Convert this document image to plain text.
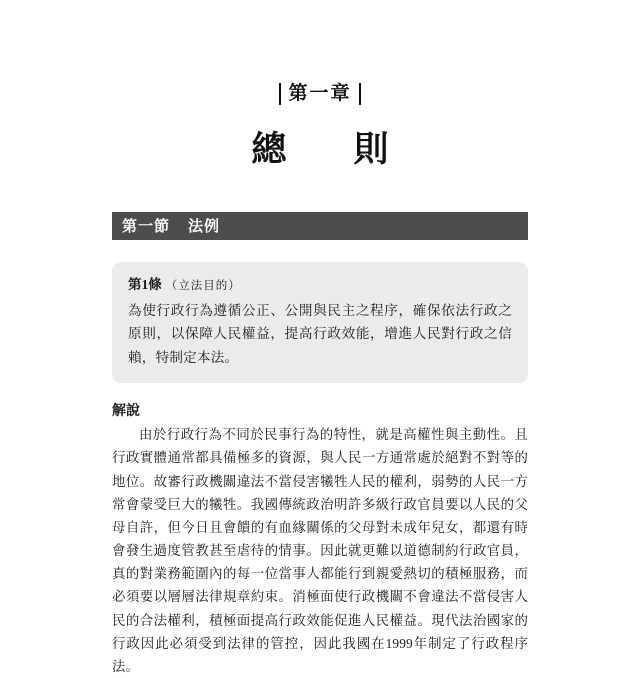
第一章
總　則
第一節 法例
第1條 （立法目的）
為使行政行為遵循公正、公開與民主之程序，確保依法行政之原則，以保障人民權益，提高行政效能，增進人民對行政之信賴，特制定本法。
解說
由於行政行為不同於民事行為的特性，就是高權性與主動性。且行政實體通常都具備極多的資源，與人民一方通常處於絕對不對等的地位。故審行政機關違法不當侵害犧牲人民的權利，弱勢的人民一方常會蒙受巨大的犧牲。我國傳統政治明許多級行政官員要以人民的父母自許，但今日且會饋的有血緣關係的父母對未成年兒女，都還有時會發生過度管教甚至虐待的情事。因此就更難以道德制約行政官員，真的對業務範圍內的每一位當事人都能行到親愛熱切的積極服務，而必須要以層層法律規章約束。消極面使行政機關不會違法不當侵害人民的合法權利，積極面提高行政效能促進人民權益。現代法治國家的行政因此必須受到法律的管控，因此我國在1999年制定了行政程序法。
